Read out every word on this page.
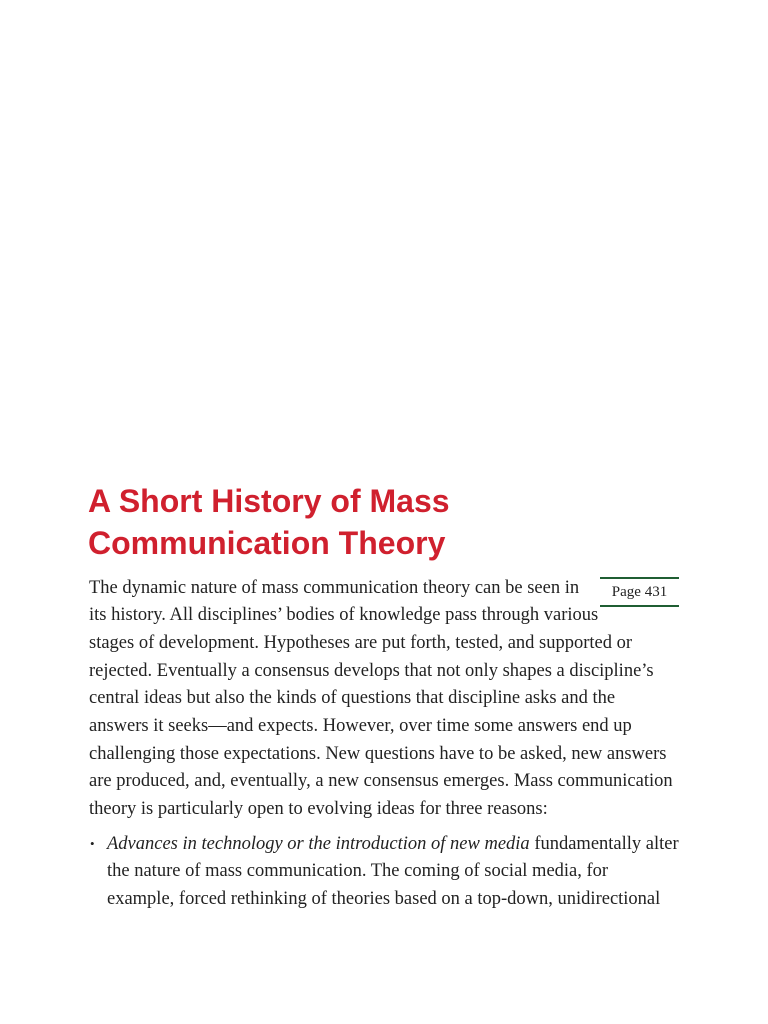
A Short History of Mass
Communication Theory
Page 431

The dynamic nature of mass communication theory can be seen in

its history. All disciplines’ bodies of knowledge pass through various

stages of development. Hypotheses are put forth, tested, and supported or

rejected. Eventually a consensus develops that not only shapes a discipline’s

central ideas but also the kinds of questions that discipline asks and the

answers it seeks—and expects. However, over time some answers end up

challenging those expectations. New questions have to be asked, new answers

are produced, and, eventually, a new consensus emerges. Mass communication

theory is particularly open to evolving ideas for three reasons:

• Advances in technology or the introduction of new media fundamentally alter

the nature of mass communication. The coming of social media, for

example, forced rethinking of theories based on a top-down, unidirectional
